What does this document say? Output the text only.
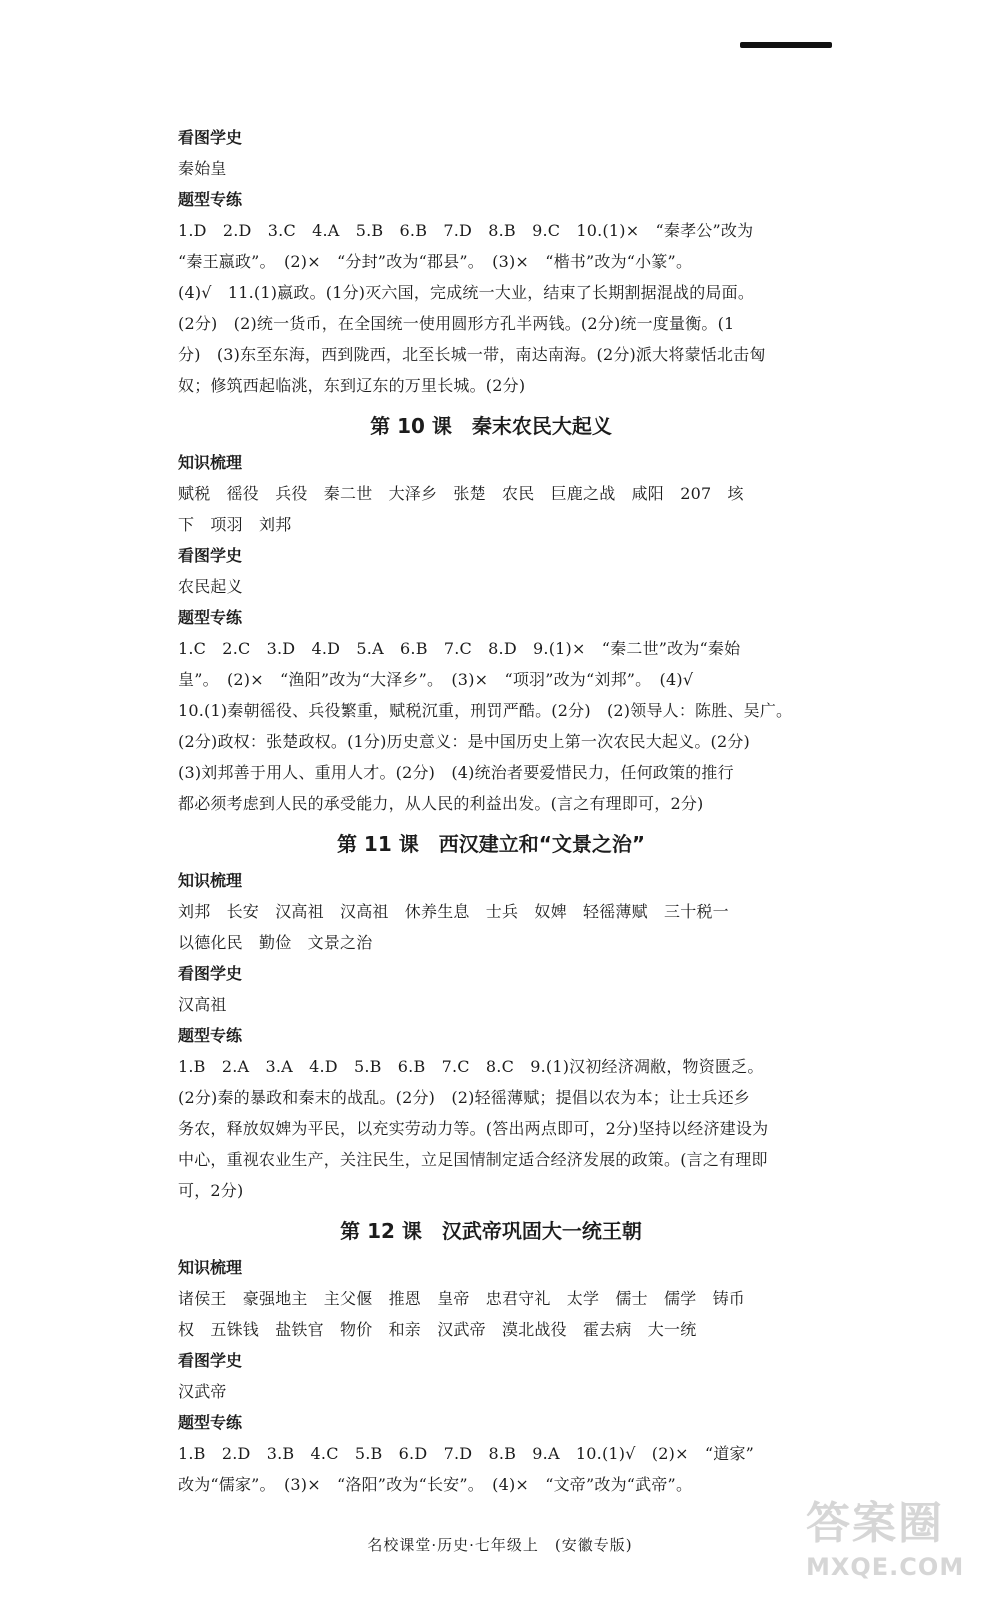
看图学史
秦始皇
题型专练
1.D　2.D　3.C　4.A　5.B　6.B　7.D　8.B　9.C　10.(1)×　“秦孝公”改为
“秦王嬴政”。　(2)×　“分封”改为“郡县”。　(3)×　“楷书”改为“小篆”。
(4)√　11.(1)嬴政。(1分)灭六国，完成统一大业，结束了长期割据混战的局面。
(2分)　(2)统一货币，在全国统一使用圆形方孔半两钱。(2分)统一度量衡。(1
分)　(3)东至东海，西到陇西，北至长城一带，南达南海。(2分)派大将蒙恬北击匈
奴；修筑西起临洮，东到辽东的万里长城。(2分)
第 10 课　秦末农民大起义
知识梳理
赋税　徭役　兵役　秦二世　大泽乡　张楚　农民　巨鹿之战　咸阳　207　垓
下　项羽　刘邦
看图学史
农民起义
题型专练
1.C　2.C　3.D　4.D　5.A　6.B　7.C　8.D　9.(1)×　“秦二世”改为“秦始
皇”。　(2)×　“渔阳”改为“大泽乡”。　(3)×　“项羽”改为“刘邦”。　(4)√
10.(1)秦朝徭役、兵役繁重，赋税沉重，刑罚严酷。(2分)　(2)领导人：陈胜、吴广。
(2分)政权：张楚政权。(1分)历史意义：是中国历史上第一次农民大起义。(2分)
(3)刘邦善于用人、重用人才。(2分)　(4)统治者要爱惜民力，任何政策的推行
都必须考虑到人民的承受能力，从人民的利益出发。(言之有理即可，2分)
第 11 课　西汉建立和“文景之治”
知识梳理
刘邦　长安　汉高祖　汉高祖　休养生息　士兵　奴婢　轻徭薄赋　三十税一
以德化民　勤俭　文景之治
看图学史
汉高祖
题型专练
1.B　2.A　3.A　4.D　5.B　6.B　7.C　8.C　9.(1)汉初经济凋敝，物资匮乏。
(2分)秦的暴政和秦末的战乱。(2分)　(2)轻徭薄赋；提倡以农为本；让士兵还乡
务农，释放奴婢为平民，以充实劳动力等。(答出两点即可，2分)坚持以经济建设为
中心，重视农业生产，关注民生，立足国情制定适合经济发展的政策。(言之有理即
可，2分)
第 12 课　汉武帝巩固大一统王朝
知识梳理
诸侯王　豪强地主　主父偃　推恩　皇帝　忠君守礼　太学　儒士　儒学　铸币
权　五铢钱　盐铁官　物价　和亲　汉武帝　漠北战役　霍去病　大一统
看图学史
汉武帝
题型专练
1.B　2.D　3.B　4.C　5.B　6.D　7.D　8.B　9.A　10.(1)√　(2)×　“道家”
改为“儒家”。　(3)×　“洛阳”改为“长安”。　(4)×　“文帝”改为“武帝”。
名校课堂·历史·七年级上　(安徽专版)	答案圈
MXQE.COM
